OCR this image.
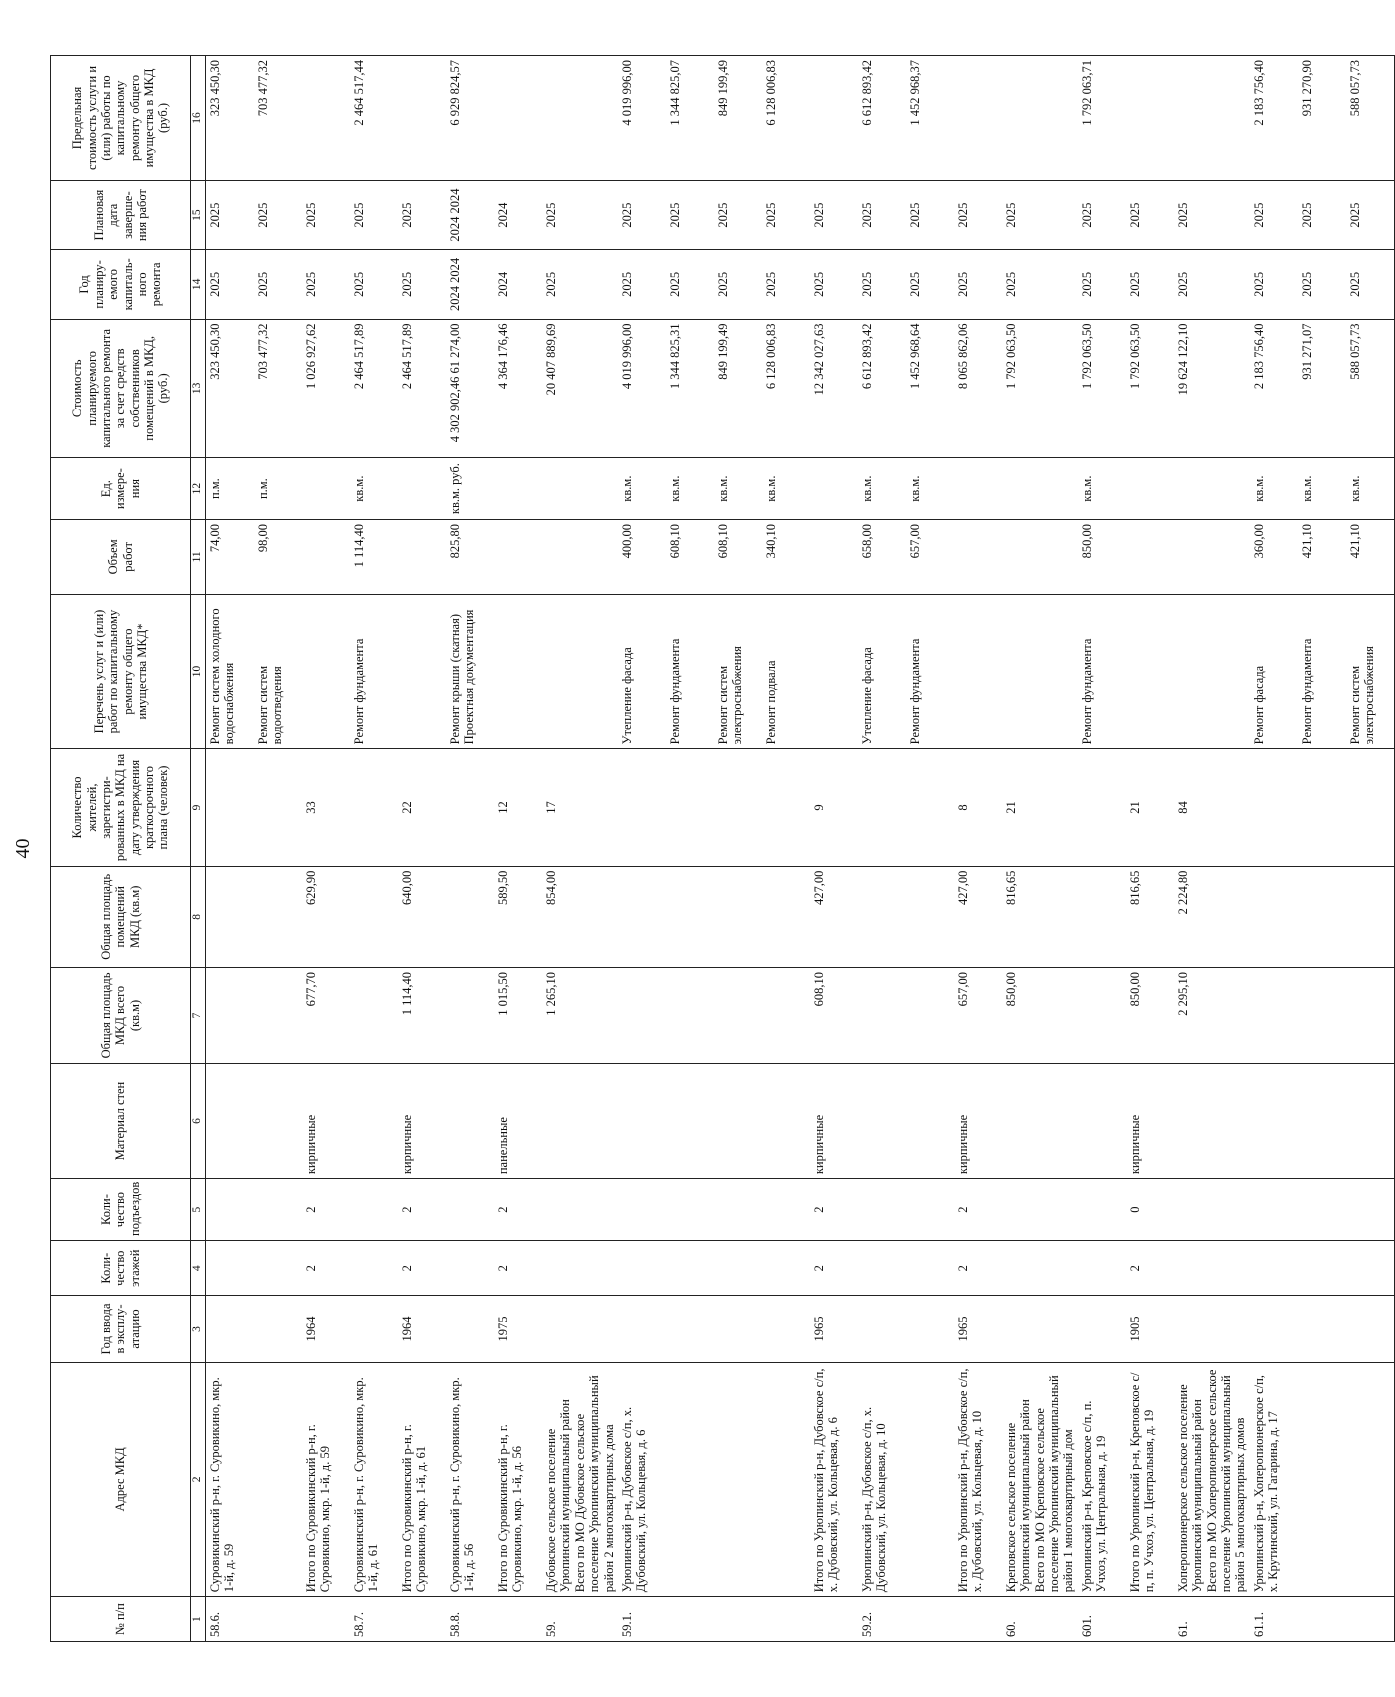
40
№ п/п	Адрес МКД	Год ввода в эксплу-атацию	Коли-чество этажей	Коли-чество подъездов	Материал стен	Общая площадь МКД всего (кв.м)	Общая площадь помещений МКД (кв.м)	Количество жителей, зарегистри-рованных в МКД на дату утверждения краткосрочного плана (человек)	Перечень услуг и (или) работ по капитальному ремонту общего имущества МКД*	Объем работ	Ед. измере-ния	Стоимость планируемого капитального ремонта за счет средств собственников помещений в МКД, (руб.)	Год планиру-емого капиталь-ного ремонта	Плановая дата заверше-ния работ	Предельная стоимость услуги и (или) работы по капитальному ремонту общего имущества в МКД (руб.)
1	2	3	4	5	6	7	8	9	10	11	12	13	14	15	16
58.6.	Суровикинский р-н, г. Суровикино, мкр. 1-й, д. 59								Ремонт систем холодного водоснабжения	74,00	п.м.	323 450,30	2025	2025	323 450,30
									Ремонт систем водоотведения	98,00	п.м.	703 477,32	2025	2025	703 477,32
	Итого по Суровикинский р-н, г. Суровикино, мкр. 1-й, д. 59	1964	2	2	кирпичные	677,70	629,90	33				1 026 927,62	2025	2025	
58.7.	Суровикинский р-н, г. Суровикино, мкр. 1-й, д. 61								Ремонт фундамента	1 114,40	кв.м.	2 464 517,89	2025	2025	2 464 517,44
	Итого по Суровикинский р-н, г. Суровикино, мкр. 1-й, д. 61	1964	2	2	кирпичные	1 114,40	640,00	22				2 464 517,89	2025	2025	
58.8.	Суровикинский р-н, г. Суровикино, мкр. 1-й, д. 56								Ремонт крыши (скатная) Проектная документация	825,80	кв.м. руб.	4 302 902,46 61 274,00	2024 2024	2024 2024	6 929 824,57
	Итого по Суровикинский р-н, г. Суровикино, мкр. 1-й, д. 56	1975	2	2	панельные	1 015,50	589,50	12				4 364 176,46	2024	2024	
59.	Дубовское сельское поселение Урюпинский муниципальный район Всего по МО Дубовское сельское поселение Урюпинский муниципальный район 2 многоквартирных дома					1 265,10	854,00	17				20 407 889,69	2025	2025	
59.1.	Урюпинский р-н, Дубовское с/п, х. Дубовский, ул. Кольцевая, д. 6								Утепление фасада	400,00	кв.м.	4 019 996,00	2025	2025	4 019 996,00
									Ремонт фундамента	608,10	кв.м.	1 344 825,31	2025	2025	1 344 825,07
									Ремонт систем электроснабжения	608,10	кв.м.	849 199,49	2025	2025	849 199,49
									Ремонт подвала	340,10	кв.м.	6 128 006,83	2025	2025	6 128 006,83
	Итого по Урюпинский р-н, Дубовское с/п, х. Дубовский, ул. Кольцевая, д. 6	1965	2	2	кирпичные	608,10	427,00	9				12 342 027,63	2025	2025	
59.2.	Урюпинский р-н, Дубовское с/п, х. Дубовский, ул. Кольцевая, д. 10								Утепление фасада	658,00	кв.м.	6 612 893,42	2025	2025	6 612 893,42
									Ремонт фундамента	657,00	кв.м.	1 452 968,64	2025	2025	1 452 968,37
	Итого по Урюпинский р-н, Дубовское с/п, х. Дубовский, ул. Кольцевая, д. 10	1965	2	2	кирпичные	657,00	427,00	8				8 065 862,06	2025	2025	
60.	Креповское сельское поселение Урюпинский муниципальный район Всего по МО Креповское сельское поселение Урюпинский муниципальный район 1 многоквартирный дом					850,00	816,65	21				1 792 063,50	2025	2025	
601.	Урюпинский р-н, Креповское с/п, п. Учхоз, ул. Центральная, д. 19								Ремонт фундамента	850,00	кв.м.	1 792 063,50	2025	2025	1 792 063,71
	Итого по Урюпинский р-н, Креповское с/п, п. Учхоз, ул. Центральная, д. 19	1905	2	0	кирпичные	850,00	816,65	21				1 792 063,50	2025	2025	
61.	Хоперопионерское сельское поселение Урюпинский муниципальный район Всего по МО Хоперопионерское сельское поселение Урюпинский муниципальный район 5 многоквартирных домов					2 295,10	2 224,80	84				19 624 122,10	2025	2025	
61.1.	Урюпинский р-н, Хоперопионерское с/п, х. Крутинский, ул. Гагарина, д. 17								Ремонт фасада	360,00	кв.м.	2 183 756,40	2025	2025	2 183 756,40
									Ремонт фундамента	421,10	кв.м.	931 271,07	2025	2025	931 270,90
									Ремонт систем электроснабжения	421,10	кв.м.	588 057,73	2025	2025	588 057,73
